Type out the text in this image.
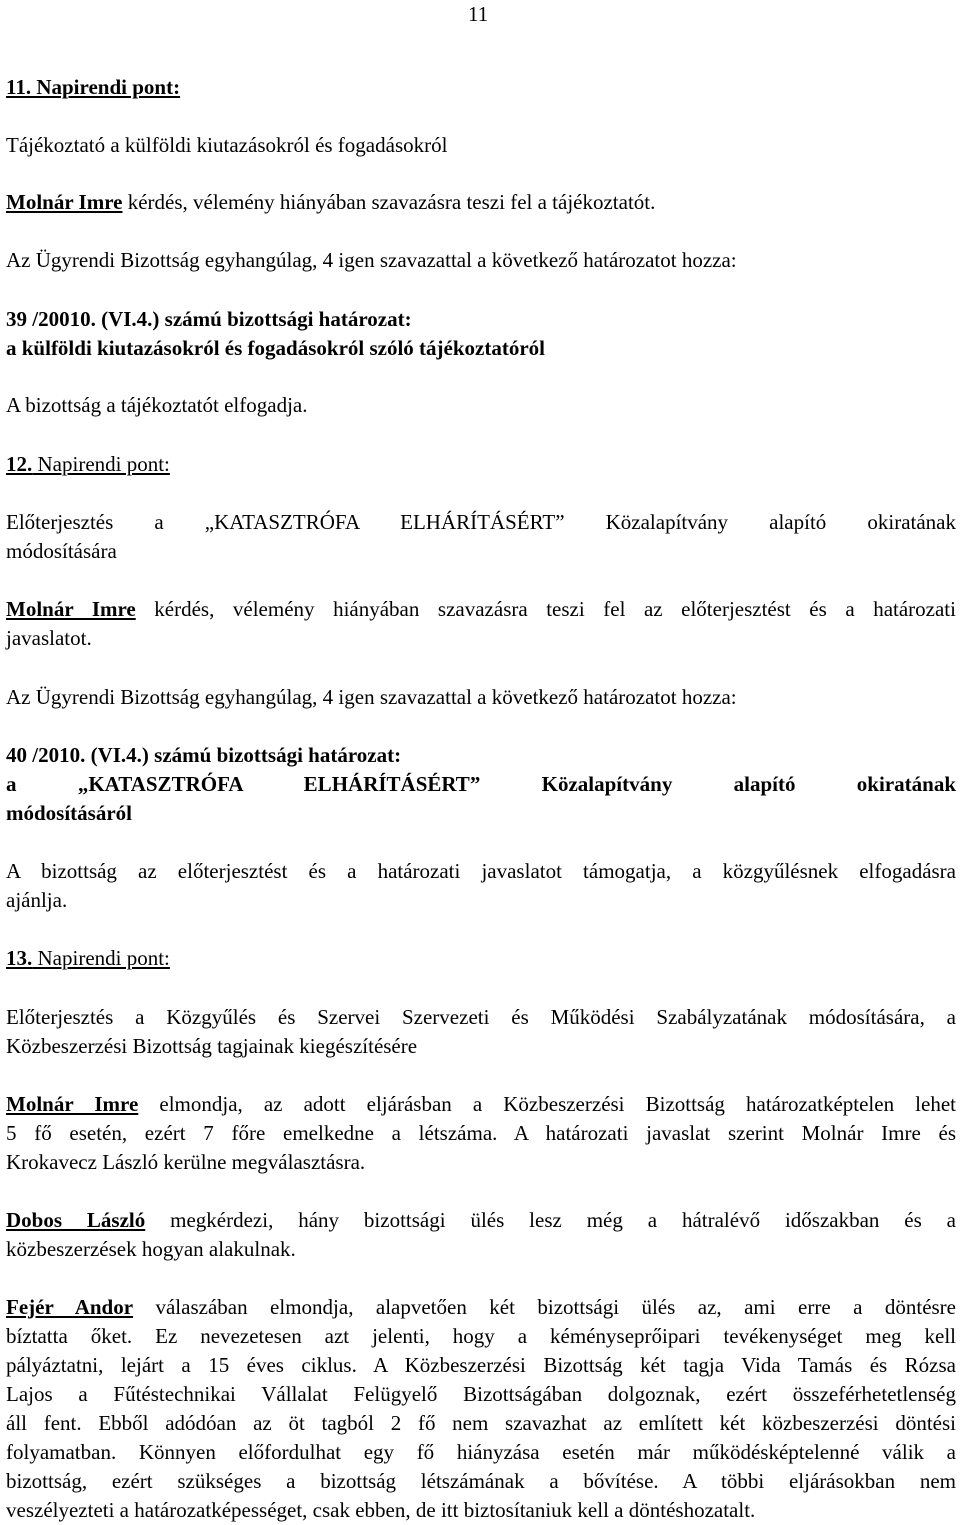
11
11. Napirendi pont:
Tájékoztató a külföldi kiutazásokról és fogadásokról
Molnár Imre kérdés, vélemény hiányában szavazásra teszi fel a tájékoztatót.
Az Ügyrendi Bizottság egyhangúlag, 4 igen szavazattal a következő határozatot hozza:
39 /20010. (VI.4.) számú bizottsági határozat:
a külföldi kiutazásokról és fogadásokról szóló tájékoztatóról
A bizottság a tájékoztatót elfogadja.
12. Napirendi pont:
Előterjesztés a „KATASZTRÓFA ELHÁRÍTÁSÉRT” Közalapítvány alapító okiratának
módosítására
Molnár Imre kérdés, vélemény hiányában szavazásra teszi fel az előterjesztést és a határozati
javaslatot.
Az Ügyrendi Bizottság egyhangúlag, 4 igen szavazattal a következő határozatot hozza:
40 /2010. (VI.4.) számú bizottsági határozat:
a „KATASZTRÓFA ELHÁRÍTÁSÉRT” Közalapítvány alapító okiratának
módosításáról
A bizottság az előterjesztést és a határozati javaslatot támogatja, a közgyűlésnek elfogadásra
ajánlja.
13. Napirendi pont:
Előterjesztés a Közgyűlés és Szervei Szervezeti és Működési Szabályzatának módosítására, a
Közbeszerzési Bizottság tagjainak kiegészítésére
Molnár Imre elmondja, az adott eljárásban a Közbeszerzési Bizottság határozatképtelen lehet
5 fő esetén, ezért 7 főre emelkedne a létszáma. A határozati javaslat szerint Molnár Imre és
Krokavecz László kerülne megválasztásra.
Dobos László megkérdezi, hány bizottsági ülés lesz még a hátralévő időszakban és a
közbeszerzések hogyan alakulnak.
Fejér Andor válaszában elmondja, alapvetően két bizottsági ülés az, ami erre a döntésre
bíztatta őket. Ez nevezetesen azt jelenti, hogy a kéményseprőipari tevékenységet meg kell
pályáztatni, lejárt a 15 éves ciklus. A Közbeszerzési Bizottság két tagja Vida Tamás és Rózsa
Lajos a Fűtéstechnikai Vállalat Felügyelő Bizottságában dolgoznak, ezért összeférhetetlenség
áll fent. Ebből adódóan az öt tagból 2 fő nem szavazhat az említett két közbeszerzési döntési
folyamatban. Könnyen előfordulhat egy fő hiányzása esetén már működésképtelenné válik a
bizottság, ezért szükséges a bizottság létszámának a bővítése. A többi eljárásokban nem
veszélyezteti a határozatképességet, csak ebben, de itt biztosítaniuk kell a döntéshozatalt.
